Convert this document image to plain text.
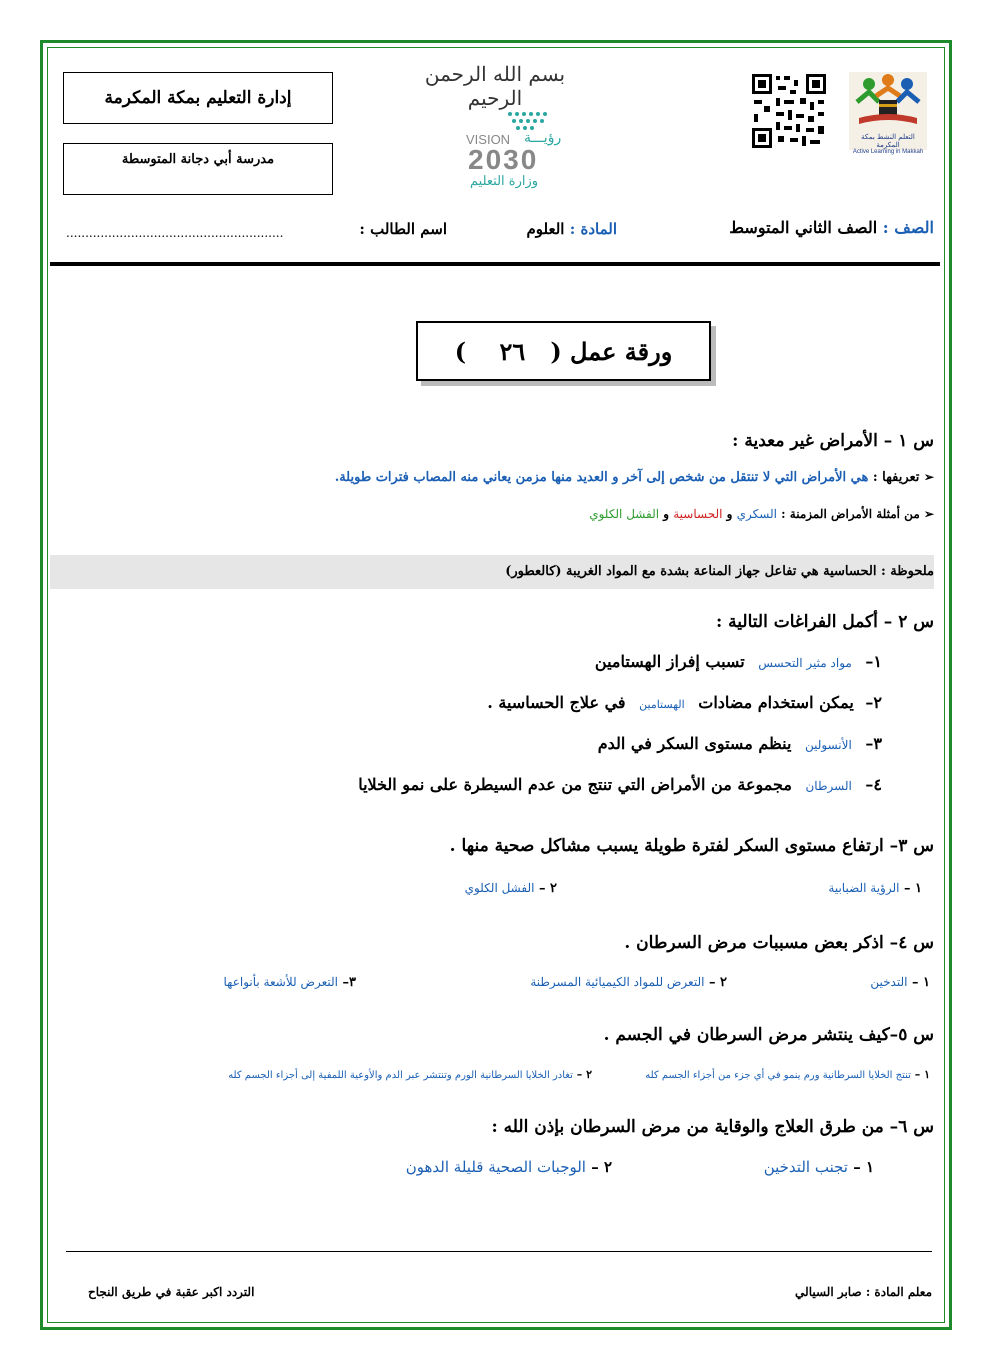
إدارة التعليم بمكة المكرمة
مدرسة أبي دجانة المتوسطة
بسم الله الرحمن الرحيم
VISION رؤيـــة
2030
وزارة التعليم
التعلم النشط بمكة المكرمة
Active Learning in Makkah
الصف : الصف الثاني المتوسط
المادة : العلوم
اسم الطالب :
.........................................................
ورقة عمل (   ٢٦    )
س ١ – الأمراض غير معدية :
➢ تعريفها : هي الأمراض التي لا تنتقل من شخص إلى آخر و العديد منها مزمن يعاني منه المصاب فترات طويلة.
➢ من أمثلة الأمراض المزمنة : السكري و الحساسية و الفشل الكلوي
ملحوظة : الحساسية هي تفاعل جهاز المناعة بشدة مع المواد الغريبة (كالعطور)
س ٢ – أكمل الفراغات التالية :
١– مواد مثير التحسس تسبب إفراز الهستامين
٢– يمكن استخدام مضادات الهستامين في علاج الحساسية .
٣– الأنسولين ينظم مستوى السكر في الدم
٤– السرطان مجموعة من الأمراض التي تنتج من عدم السيطرة على نمو الخلايا
س ٣– ارتفاع مستوى السكر لفترة طويلة يسبب مشاكل صحية منها .
١ – الرؤية الضبابية
٢ – الفشل الكلوي
س ٤– اذكر بعض مسببات مرض السرطان .
١ – التدخين
٢ – التعرض للمواد الكيميائية المسرطنة
٣– التعرض للأشعة بأنواعها
س ٥–كيف ينتشر مرض السرطان في الجسم .
١ – تنتج الخلايا السرطانية ورم ينمو في أي جزء من أجزاء الجسم كله
٢ – تغادر الخلايا السرطانية الورم وتنتشر عبر الدم والأوعية اللمفية إلى أجزاء الجسم كله
س ٦– من طرق العلاج والوقاية من مرض السرطان بإذن الله :
١ – تجنب التدخين
٢ – الوجبات الصحية قليلة الدهون
معلم المادة : صابر السيالي
التردد اكبر عقبة في طريق النجاح
